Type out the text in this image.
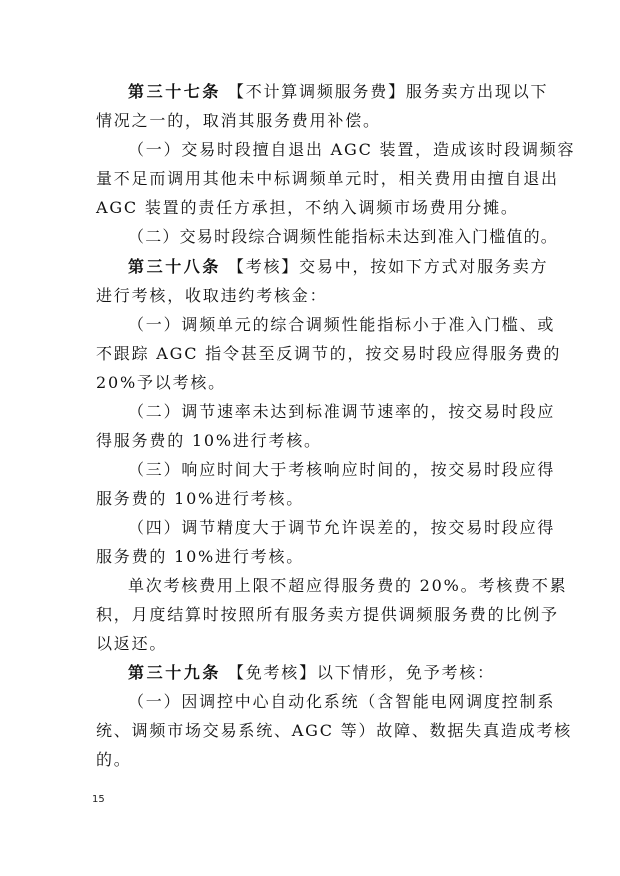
第三十七条 【不计算调频服务费】服务卖方出现以下
情况之一的，取消其服务费用补偿。
（一）交易时段擅自退出 AGC 装置，造成该时段调频容
量不足而调用其他未中标调频单元时，相关费用由擅自退出
AGC 装置的责任方承担，不纳入调频市场费用分摊。
（二）交易时段综合调频性能指标未达到准入门槛值的。
第三十八条 【考核】交易中，按如下方式对服务卖方
进行考核，收取违约考核金：
（一）调频单元的综合调频性能指标小于准入门槛、或
不跟踪 AGC 指令甚至反调节的，按交易时段应得服务费的
20%予以考核。
（二）调节速率未达到标准调节速率的，按交易时段应
得服务费的 10%进行考核。
（三）响应时间大于考核响应时间的，按交易时段应得
服务费的 10%进行考核。
（四）调节精度大于调节允许误差的，按交易时段应得
服务费的 10%进行考核。
单次考核费用上限不超应得服务费的 20%。考核费不累
积，月度结算时按照所有服务卖方提供调频服务费的比例予
以返还。
第三十九条 【免考核】以下情形，免予考核：
（一）因调控中心自动化系统（含智能电网调度控制系
统、调频市场交易系统、AGC 等）故障、数据失真造成考核
的。
15
